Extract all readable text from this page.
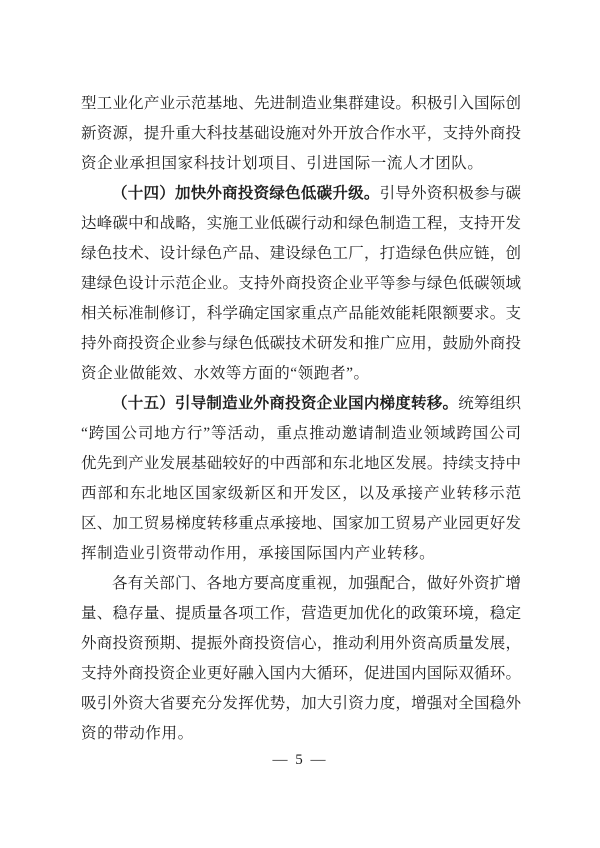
型工业化产业示范基地、先进制造业集群建设。积极引入国际创
新资源，提升重大科技基础设施对外开放合作水平，支持外商投
资企业承担国家科技计划项目、引进国际一流人才团队。
（十四）加快外商投资绿色低碳升级。引导外资积极参与碳
达峰碳中和战略，实施工业低碳行动和绿色制造工程，支持开发
绿色技术、设计绿色产品、建设绿色工厂，打造绿色供应链，创
建绿色设计示范企业。支持外商投资企业平等参与绿色低碳领域
相关标准制修订，科学确定国家重点产品能效能耗限额要求。支
持外商投资企业参与绿色低碳技术研发和推广应用，鼓励外商投
资企业做能效、水效等方面的“领跑者”。
（十五）引导制造业外商投资企业国内梯度转移。统筹组织
“跨国公司地方行”等活动，重点推动邀请制造业领域跨国公司
优先到产业发展基础较好的中西部和东北地区发展。持续支持中
西部和东北地区国家级新区和开发区，以及承接产业转移示范
区、加工贸易梯度转移重点承接地、国家加工贸易产业园更好发
挥制造业引资带动作用，承接国际国内产业转移。
各有关部门、各地方要高度重视，加强配合，做好外资扩增
量、稳存量、提质量各项工作，营造更加优化的政策环境，稳定
外商投资预期、提振外商投资信心，推动利用外资高质量发展，
支持外商投资企业更好融入国内大循环，促进国内国际双循环。
吸引外资大省要充分发挥优势，加大引资力度，增强对全国稳外
资的带动作用。
— 5 —
